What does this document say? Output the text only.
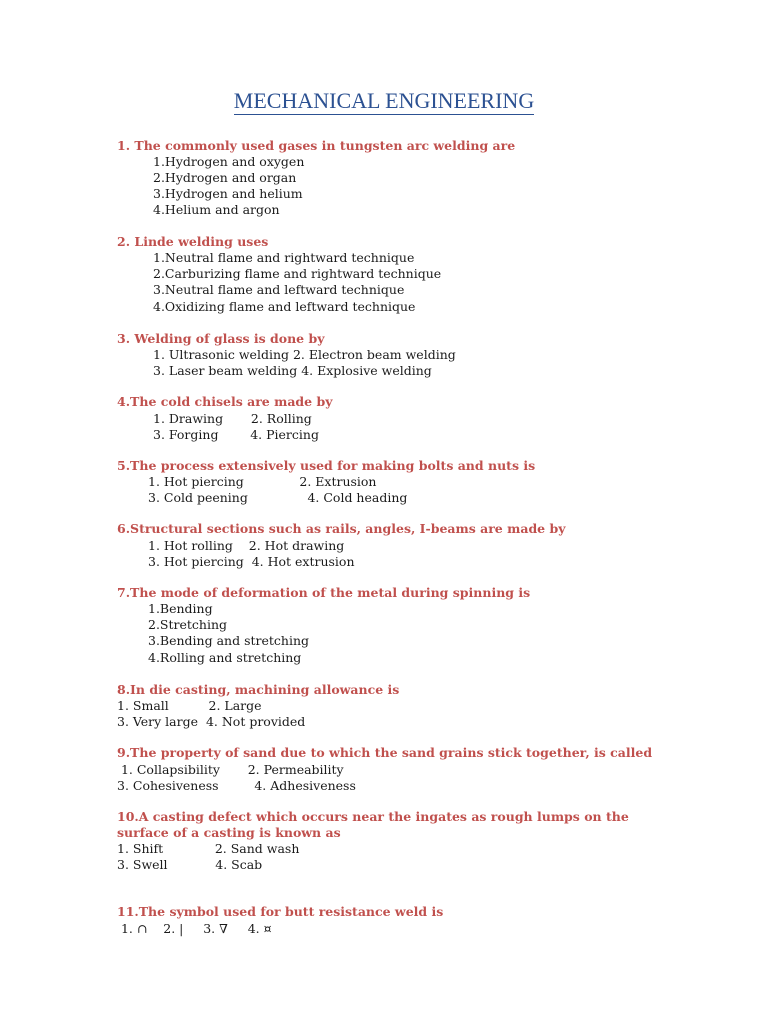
MECHANICAL ENGINEERING
1. The commonly used gases in tungsten arc welding are
1.Hydrogen and oxygen
2.Hydrogen and organ
3.Hydrogen and helium
4.Helium and argon
2. Linde welding uses
1.Neutral flame and rightward technique
2.Carburizing flame and rightward technique
3.Neutral flame and leftward technique
4.Oxidizing flame and leftward technique
3. Welding of glass is done by
1. Ultrasonic welding 2. Electron beam welding
3. Laser beam welding 4. Explosive welding
4.The cold chisels are made by
1. Drawing       2. Rolling
3. Forging        4. Piercing
5.The process extensively used for making bolts and nuts is
1. Hot piercing              2. Extrusion
3. Cold peening               4. Cold heading
6.Structural sections such as rails, angles, I-beams are made by
1. Hot rolling    2. Hot drawing
3. Hot piercing  4. Hot extrusion
7.The mode of deformation of the metal during spinning is
1.Bending
2.Stretching
3.Bending and stretching
4.Rolling and stretching
8.In die casting, machining allowance is
1. Small          2. Large
3. Very large  4. Not provided
9.The property of sand due to which the sand grains stick together, is called
1. Collapsibility       2. Permeability
3. Cohesiveness         4. Adhesiveness
10.A casting defect which occurs near the ingates as rough lumps on the surface of a casting is known as
1. Shift             2. Sand wash
3. Swell            4. Scab
11.The symbol used for butt resistance weld is
1. ∩    2. |     3. ∇     4. ¤
